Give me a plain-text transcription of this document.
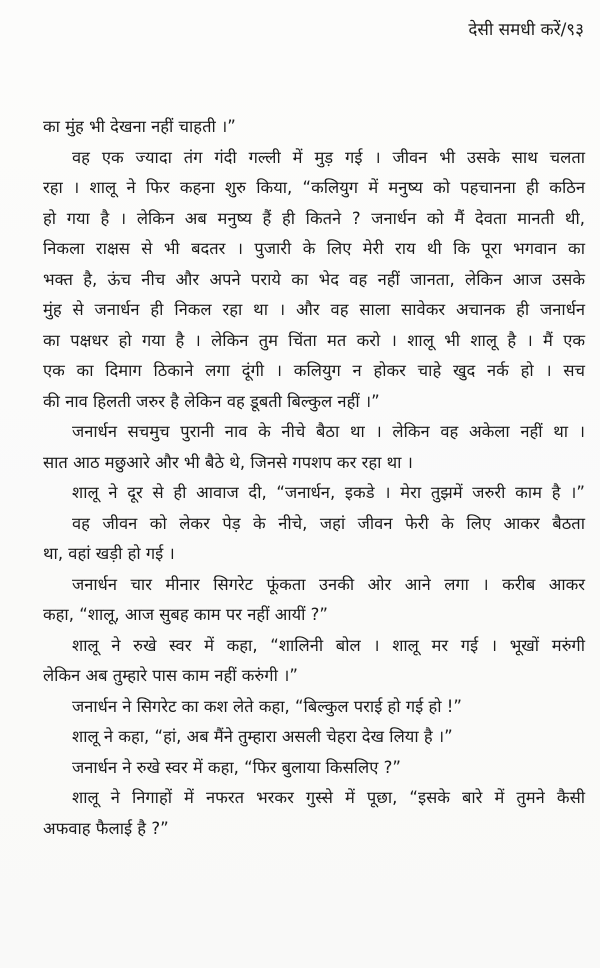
देसी समधी करें/९३
का मुंह भी देखना नहीं चाहती ।”
वह एक ज्यादा तंग गंदी गल्ली में मुड़ गई । जीवन भी उसके साथ चलता
रहा । शालू ने फिर कहना शुरु किया, “कलियुग में मनुष्य को पहचानना ही कठिन
हो गया है । लेकिन अब मनुष्य हैं ही कितने ? जनार्धन को मैं देवता मानती थी,
निकला राक्षस से भी बदतर । पुजारी के लिए मेरी राय थी कि पूरा भगवान का
भक्त है, ऊंच नीच और अपने पराये का भेद वह नहीं जानता, लेकिन आज उसके
मुंह से जनार्धन ही निकल रहा था । और वह साला सावेकर अचानक ही जनार्धन
का पक्षधर हो गया है । लेकिन तुम चिंता मत करो । शालू भी शालू है । मैं एक
एक का दिमाग ठिकाने लगा दूंगी । कलियुग न होकर चाहे खुद नर्क हो । सच
की नाव हिलती जरुर है लेकिन वह डूबती बिल्कुल नहीं ।”
जनार्धन सचमुच पुरानी नाव के नीचे बैठा था । लेकिन वह अकेला नहीं था ।
सात आठ मछुआरे और भी बैठे थे, जिनसे गपशप कर रहा था ।
शालू ने दूर से ही आवाज दी, “जनार्धन, इकडे । मेरा तुझमें जरुरी काम है ।”
वह जीवन को लेकर पेड़ के नीचे, जहां जीवन फेरी के लिए आकर बैठता
था, वहां खड़ी हो गई ।
जनार्धन चार मीनार सिगरेट फूंकता उनकी ओर आने लगा । करीब आकर
कहा, “शालू, आज सुबह काम पर नहीं आयीं ?”
शालू ने रुखे स्वर में कहा, “शालिनी बोल । शालू मर गई । भूखों मरुंगी
लेकिन अब तुम्हारे पास काम नहीं करुंगी ।”
जनार्धन ने सिगरेट का कश लेते कहा, “बिल्कुल पराई हो गई हो !”
शालू ने कहा, “हां, अब मैंने तुम्हारा असली चेहरा देख लिया है ।”
जनार्धन ने रुखे स्वर में कहा, “फिर बुलाया किसलिए ?”
शालू ने निगाहों में नफरत भरकर गुस्से में पूछा, “इसके बारे में तुमने कैसी
अफवाह फैलाई है ?”
